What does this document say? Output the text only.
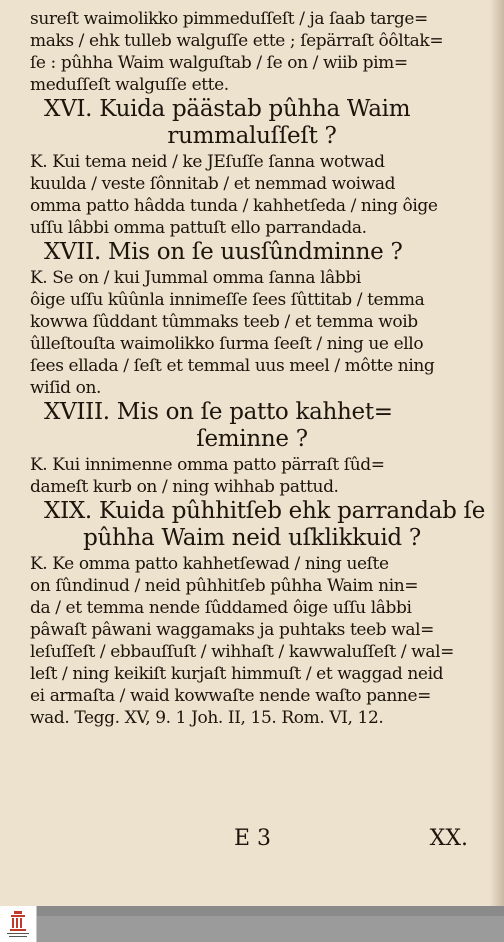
sureſt waimolikko pimmeduſſeſt / ja ſaab targe=
maks / ehk tulleb walguſſe ette ; ſepärraſt ôôltak=
ſe : pûhha Waim walguſtab / ſe on / wiib pim=
meduſſeſt walguſſe ette.
XVI. Kuida päästab pûhha Waim
rummaluſſeſt ?
K. Kui tema neid / ke JEſuſſe ſanna wotwad
kuulda / veste ſônnitab / et nemmad woiwad
omma patto hâdda tunda / kahhetſeda / ning ôige
uſſu lâbbi omma pattuſt ello parrandada.
XVII. Mis on ſe uusſûndminne ?
K. Se on / kui Jummal omma ſanna lâbbi
ôige uſſu kûûnla innimeſſe ſees ſûttitab / temma
kowwa ſûddant tûmmaks teeb / et temma woib
ûlleſtouſta waimolikko ſurma ſeeſt / ning ue ello
ſees ellada / ſeſt et temmal uus meel / môtte ning
wiſid on.
XVIII. Mis on ſe patto kahhet=
ſeminne ?
K. Kui innimenne omma patto pärraſt ſûd=
dameſt kurb on / ning wihhab pattud.
XIX. Kuida pûhhitſeb ehk parrandab ſe
pûhha Waim neid uſklikkuid ?
K. Ke omma patto kahhetſewad / ning ueſte
on ſûndinud / neid pûhhitſeb pûhha Waim nin=
da / et temma nende ſûddamed ôige uſſu lâbbi
pâwaſt pâwani waggamaks ja puhtaks teeb wal=
leſuſſeſt / ebbauſſuſt / wihhaſt / kawwaluſſeſt / wal=
leſt / ning keikiſt kurjaſt himmuſt / et waggad neid
ei armaſta / waid kowwaſte nende waſto panne=
wad. Tegg. XV, 9. 1 Joh. II, 15. Rom. VI, 12.
E 3	XX.
